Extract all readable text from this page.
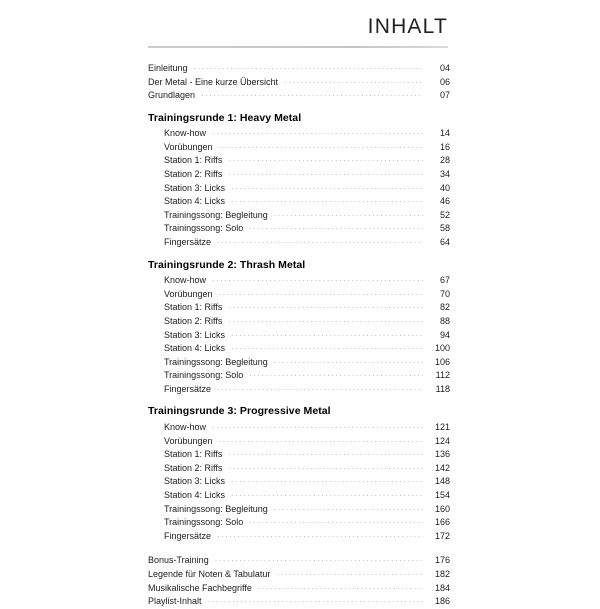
INHALT
Einleitung .....	04
Der Metal - Eine kurze Übersicht .....	06
Grundlagen .....	07
Trainingsrunde 1: Heavy Metal
Know-how .....	14
Vorübungen .....	16
Station 1: Riffs .....	28
Station 2: Riffs .....	34
Station 3: Licks .....	40
Station 4: Licks .....	46
Trainingssong: Begleitung .....	52
Trainingssong: Solo .....	58
Fingersätze .....	64
Trainingsrunde 2: Thrash Metal
Know-how .....	67
Vorübungen .....	70
Station 1: Riffs .....	82
Station 2: Riffs .....	88
Station 3: Licks .....	94
Station 4: Licks .....	100
Trainingssong: Begleitung .....	106
Trainingssong: Solo .....	112
Fingersätze .....	118
Trainingsrunde 3: Progressive Metal
Know-how .....	121
Vorübungen .....	124
Station 1: Riffs .....	136
Station 2: Riffs .....	142
Station 3: Licks .....	148
Station 4: Licks .....	154
Trainingssong: Begleitung .....	160
Trainingssong: Solo .....	166
Fingersätze .....	172
Bonus-Training .....	176
Legende für Noten & Tabulatur .....	182
Musikalische Fachbegriffe .....	184
Playlist-Inhalt .....	186
